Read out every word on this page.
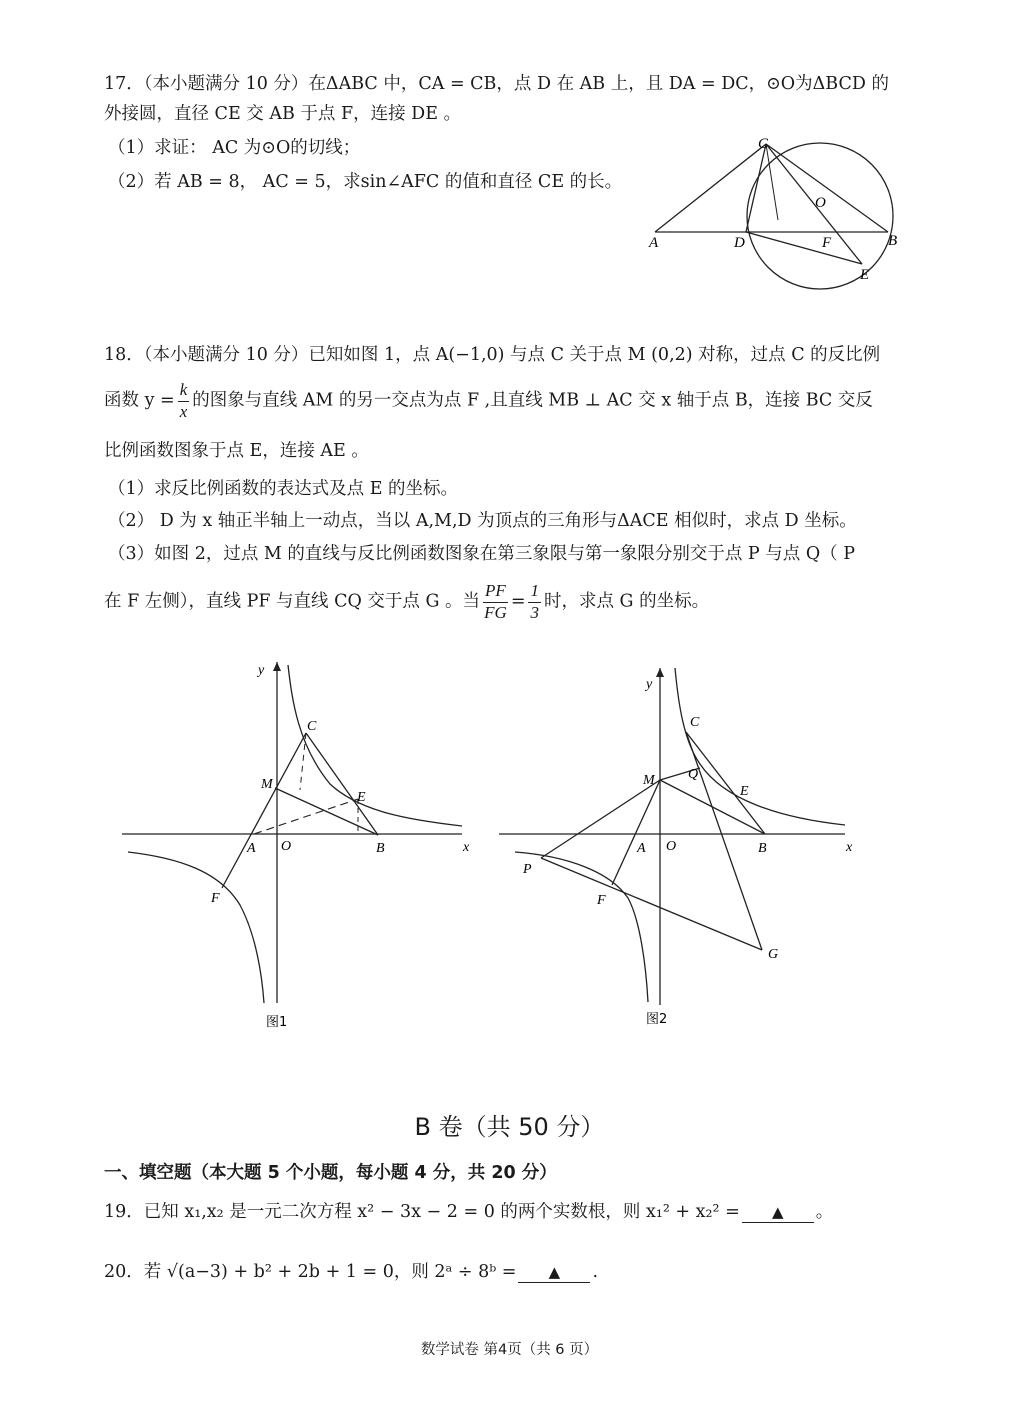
17．（本小题满分 10 分）在ΔABC 中，CA = CB，点 D 在 AB 上，且 DA = DC，⊙O为ΔBCD 的
外接圆，直径 CE 交 AB 于点 F，连接 DE 。
（1）求证： AC 为⊙O的切线；
（2）若 AB = 8， AC = 5，求sin∠AFC 的值和直径 CE 的长。
C
O
A	D	F	B
E
18．（本小题满分 10 分）已知如图 1，点 A(−1,0) 与点 C 关于点 M (0,2) 对称，过点 C 的反比例
函数 $y = \frac{k}{x}$ 的图象与直线 AM 的另一交点为点 F ,且直线 MB ⊥ AC 交 x 轴于点 B，连接 BC 交反
比例函数图象于点 E，连接 AE 。
（1）求反比例函数的表达式及点 E 的坐标。
（2） D 为 x 轴正半轴上一动点，当以 A,M,D 为顶点的三角形与ΔACE 相似时，求点 D 坐标。
（3）如图 2，过点 M 的直线与反比例函数图象在第三象限与第一象限分别交于点 P 与点 Q（ P
在 F 左侧），直线 PF 与直线 CQ 交于点 G 。当 $\frac{PF}{FG} = \frac{1}{3}$ 时，求点 G 的坐标。
y
C
M
E
A O	B	x
F
图1
y
C
M Q
E
A O	B	x
P
F
G
图2
B 卷（共 50 分）
一、填空题（本大题 5 个小题，每小题 4 分，共 20 分）
19．已知 x₁,x₂ 是一元二次方程 x² − 3x − 2 = 0 的两个实数根，则 x₁² + x₂² = ▲ 。
20．若 √(a−3) + b² + 2b + 1 = 0，则 2ᵃ ÷ 8ᵇ = ▲ .
数学试卷 第4页（共 6 页）
